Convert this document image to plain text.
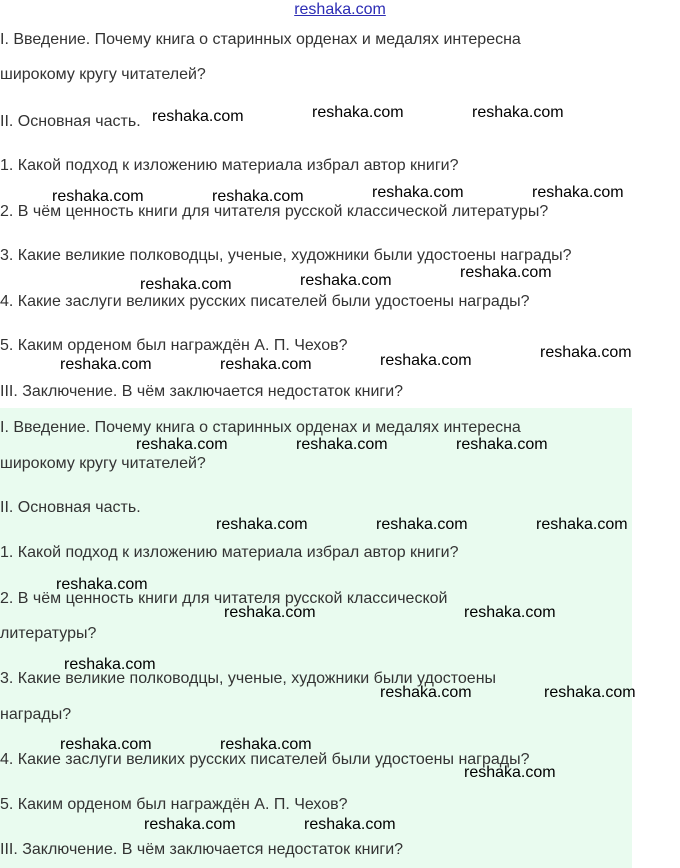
reshaka.com
I. Введение. Почему книга о старинных орденах и медалях интересна
широкому кругу читателей?
II. Основная часть.
1. Какой подход к изложению материала избрал автор книги?
2. В чём ценность книги для читателя русской классической литературы?
3. Какие великие полководцы, ученые, художники были удостоены награды?
4. Какие заслуги великих русских писателей были удостоены награды?
5. Каким орденом был награждён А. П. Чехов?
III. Заключение. В чём заключается недостаток книги?
I. Введение. Почему книга о старинных орденах и медалях интересна
широкому кругу читателей?
II. Основная часть.
1. Какой подход к изложению материала избрал автор книги?
2. В чём ценность книги для читателя русской классической
литературы?
3. Какие великие полководцы, ученые, художники были удостоены
награды?
4. Какие заслуги великих русских писателей были удостоены награды?
5. Каким орденом был награждён А. П. Чехов?
III. Заключение. В чём заключается недостаток книги?
reshaka.com	reshaka.com	reshaka.com
reshaka.com	reshaka.com	reshaka.com	reshaka.com
reshaka.com	reshaka.com	reshaka.com
reshaka.com	reshaka.com	reshaka.com	reshaka.com
reshaka.com	reshaka.com	reshaka.com
reshaka.com	reshaka.com	reshaka.com
reshaka.com
reshaka.com	reshaka.com
reshaka.com
reshaka.com	reshaka.com
reshaka.com	reshaka.com
reshaka.com
reshaka.com	reshaka.com
